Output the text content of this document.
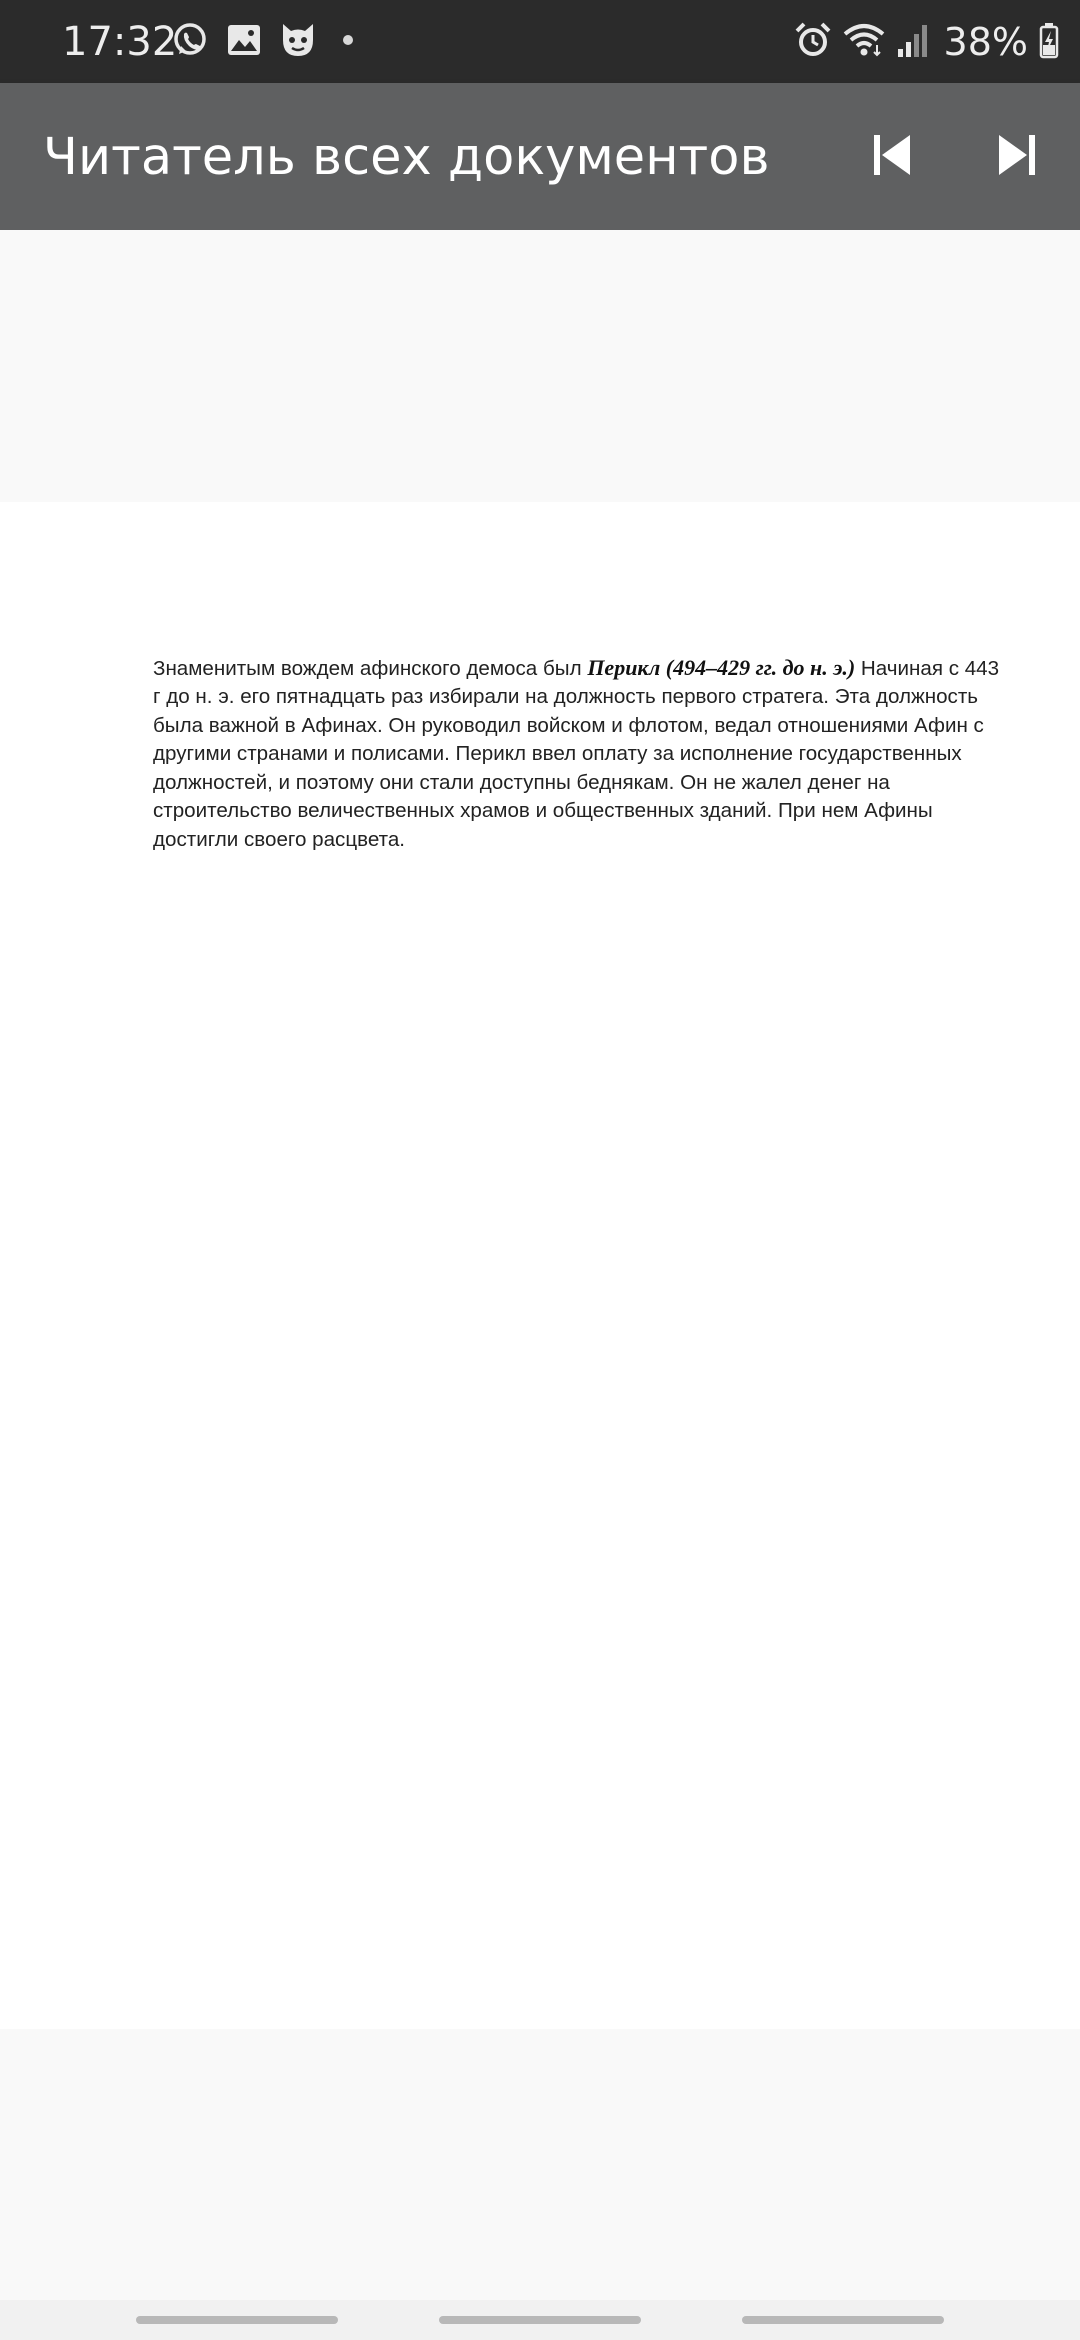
17:32	38%
Читатель всех документов

Знаменитым вождем афинского демоса был Перикл (494–429 гг. до н. э.) Начиная с 443 г до н. э. его пятнадцать раз избирали на должность первого стратега. Эта должность была важной в Афинах. Он руководил войском и флотом, ведал отношениями Афин с другими странами и полисами. Перикл ввел оплату за исполнение государственных должностей, и поэтому они стали доступны беднякам. Он не жалел денег на строительство величественных храмов и общественных зданий. При нем Афины достигли своего расцвета.
